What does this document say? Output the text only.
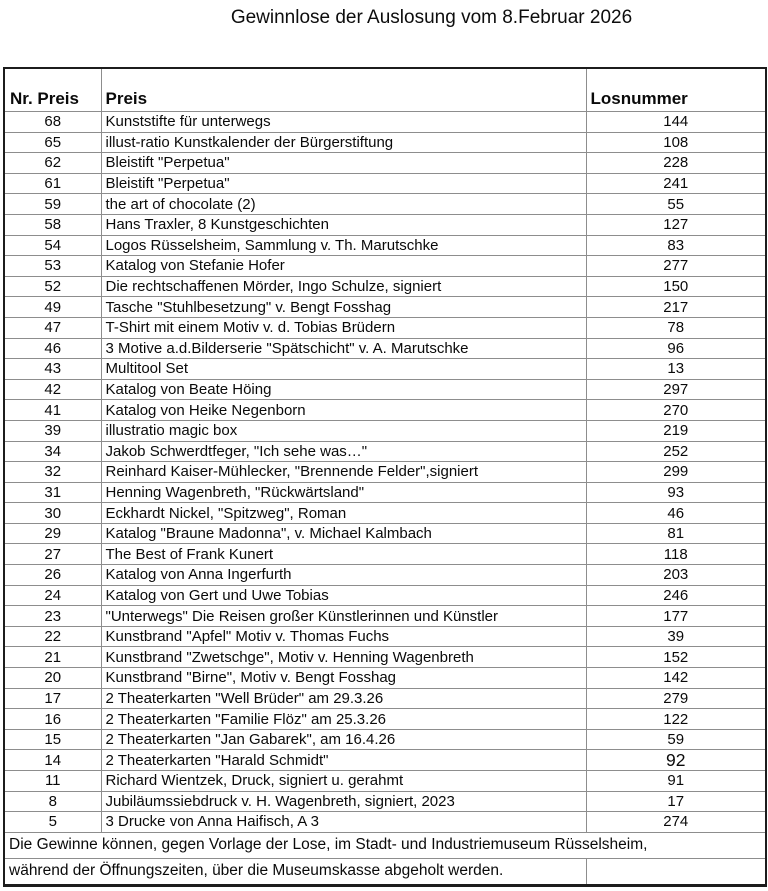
Gewinnlose der Auslosung vom 8.Februar 2026
Nr. Preis	Preis	Losnummer
68	Kunststifte für unterwegs	144
65	illust-ratio Kunstkalender der Bürgerstiftung	108
62	Bleistift "Perpetua"	228
61	Bleistift "Perpetua"	241
59	the art of chocolate (2)	55
58	Hans Traxler, 8 Kunstgeschichten	127
54	Logos Rüsselsheim, Sammlung v. Th. Marutschke	83
53	Katalog von Stefanie Hofer	277
52	Die rechtschaffenen Mörder, Ingo Schulze, signiert	150
49	Tasche "Stuhlbesetzung" v. Bengt Fosshag	217
47	T-Shirt mit einem Motiv v. d. Tobias Brüdern	78
46	3 Motive a.d.Bilderserie "Spätschicht" v. A. Marutschke	96
43	Multitool Set	13
42	Katalog von Beate Höing	297
41	Katalog von Heike Negenborn	270
39	illustratio magic box	219
34	Jakob Schwerdtfeger, "Ich sehe was…"	252
32	Reinhard Kaiser-Mühlecker, "Brennende Felder",signiert	299
31	Henning Wagenbreth, "Rückwärtsland"	93
30	Eckhardt Nickel, "Spitzweg", Roman	46
29	Katalog "Braune Madonna", v. Michael Kalmbach	81
27	The Best of Frank Kunert	118
26	Katalog von Anna Ingerfurth	203
24	Katalog von Gert und Uwe Tobias	246
23	"Unterwegs" Die Reisen großer Künstlerinnen und Künstler	177
22	Kunstbrand "Apfel" Motiv v. Thomas Fuchs	39
21	Kunstbrand "Zwetschge", Motiv v. Henning Wagenbreth	152
20	Kunstbrand "Birne", Motiv v. Bengt Fosshag	142
17	2 Theaterkarten "Well Brüder" am 29.3.26	279
16	2 Theaterkarten "Familie Flöz" am 25.3.26	122
15	2 Theaterkarten "Jan Gabarek", am 16.4.26	59
14	2 Theaterkarten "Harald Schmidt"	92
11	Richard Wientzek, Druck, signiert u. gerahmt	91
8	Jubiläumssiebdruck v. H. Wagenbreth, signiert, 2023	17
5	3 Drucke von Anna Haifisch, A 3	274
Die Gewinne können, gegen Vorlage der Lose, im Stadt- und Industriemuseum Rüsselsheim,		
während der Öffnungszeiten, über die Museumskasse abgeholt werden.		
